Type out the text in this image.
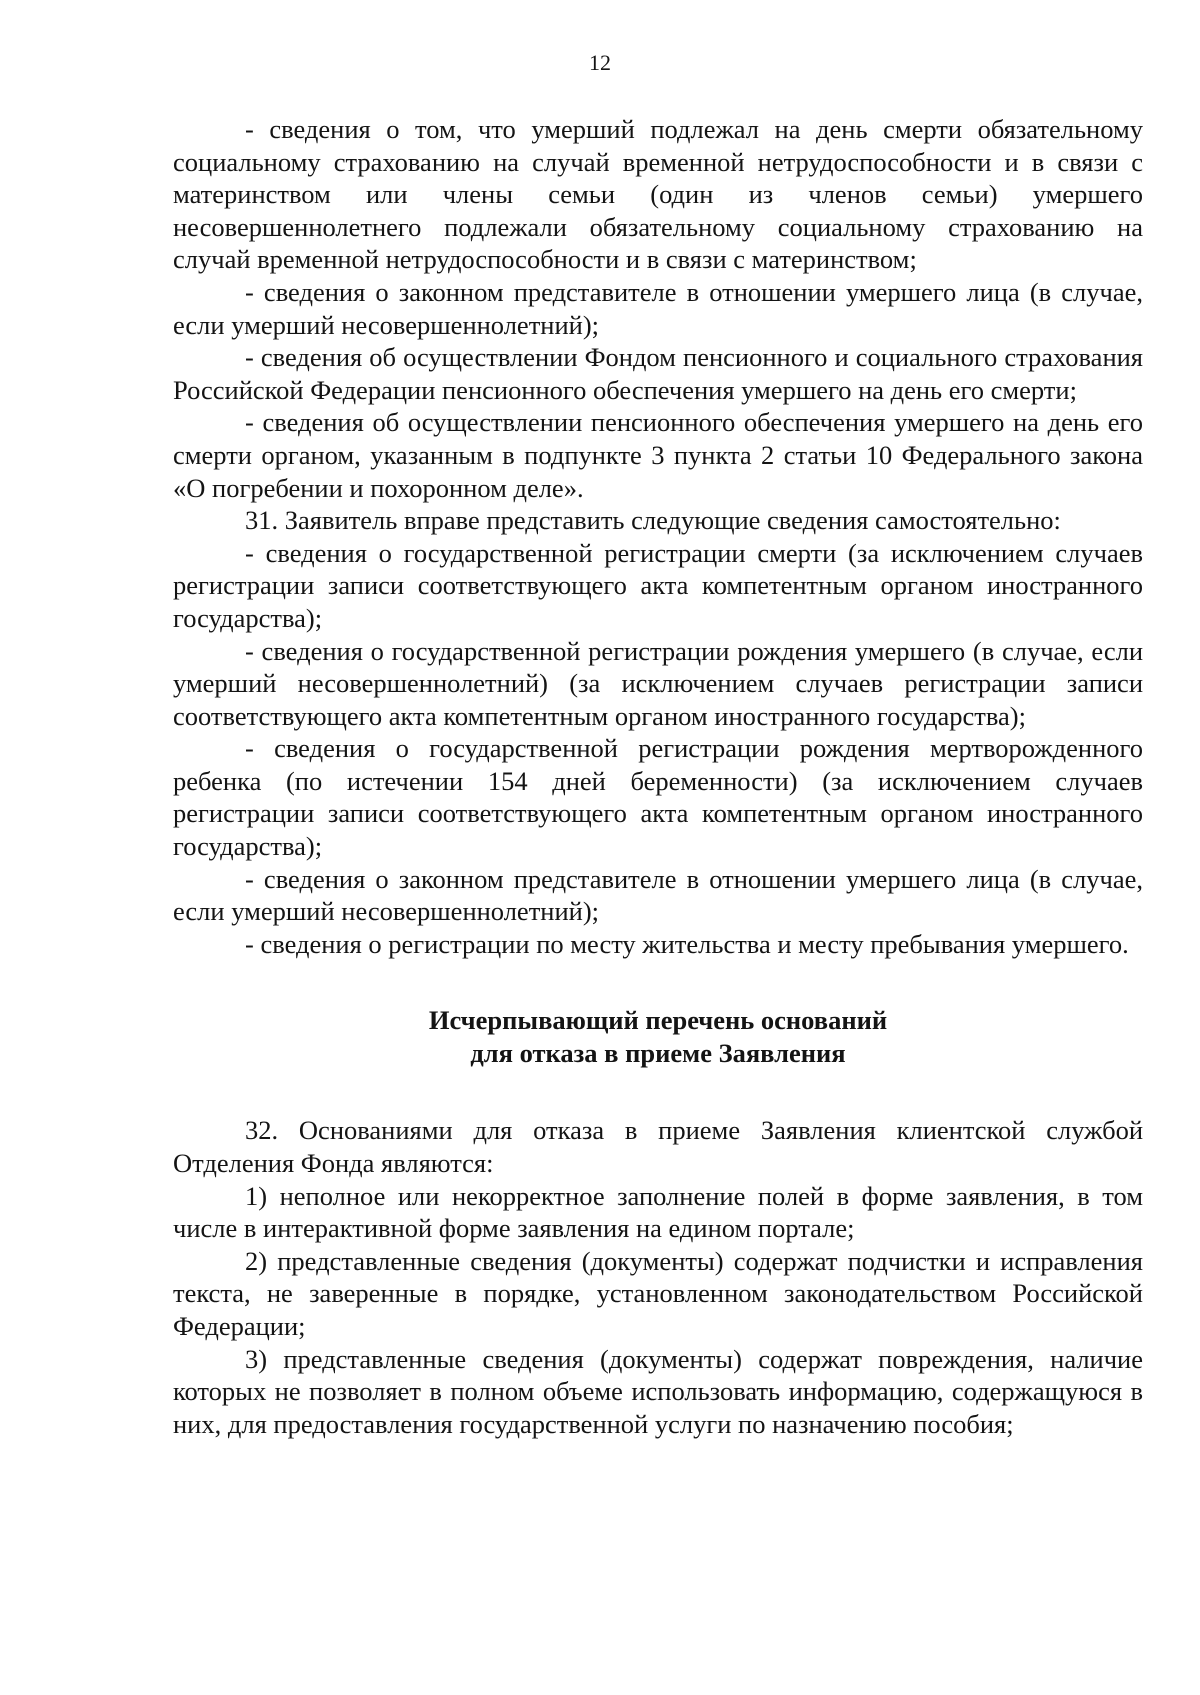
12

- сведения о том, что умерший подлежал на день смерти обязательному социальному страхованию на случай временной нетрудоспособности и в связи с материнством или члены семьи (один из членов семьи) умершего несовершеннолетнего подлежали обязательному социальному страхованию на случай временной нетрудоспособности и в связи с материнством;

- сведения о законном представителе в отношении умершего лица (в случае, если умерший несовершеннолетний);

- сведения об осуществлении Фондом пенсионного и социального страхования Российской Федерации пенсионного обеспечения умершего на день его смерти;

- сведения об осуществлении пенсионного обеспечения умершего на день его смерти органом, указанным в подпункте 3 пункта 2 статьи 10 Федерального закона «О погребении и похоронном деле».

31. Заявитель вправе представить следующие сведения самостоятельно:

- сведения о государственной регистрации смерти (за исключением случаев регистрации записи соответствующего акта компетентным органом иностранного государства);

- сведения о государственной регистрации рождения умершего (в случае, если умерший несовершеннолетний) (за исключением случаев регистрации записи соответствующего акта компетентным органом иностранного государства);

- сведения о государственной регистрации рождения мертворожденного ребенка (по истечении 154 дней беременности) (за исключением случаев регистрации записи соответствующего акта компетентным органом иностранного государства);

- сведения о законном представителе в отношении умершего лица (в случае, если умерший несовершеннолетний);

- сведения о регистрации по месту жительства и месту пребывания умершего.

Исчерпывающий перечень оснований
для отказа в приеме Заявления

32. Основаниями для отказа в приеме Заявления клиентской службой Отделения Фонда являются:

1) неполное или некорректное заполнение полей в форме заявления, в том числе в интерактивной форме заявления на едином портале;

2) представленные сведения (документы) содержат подчистки и исправления текста, не заверенные в порядке, установленном законодательством Российской Федерации;

3) представленные сведения (документы) содержат повреждения, наличие которых не позволяет в полном объеме использовать информацию, содержащуюся в них, для предоставления государственной услуги по назначению пособия;
